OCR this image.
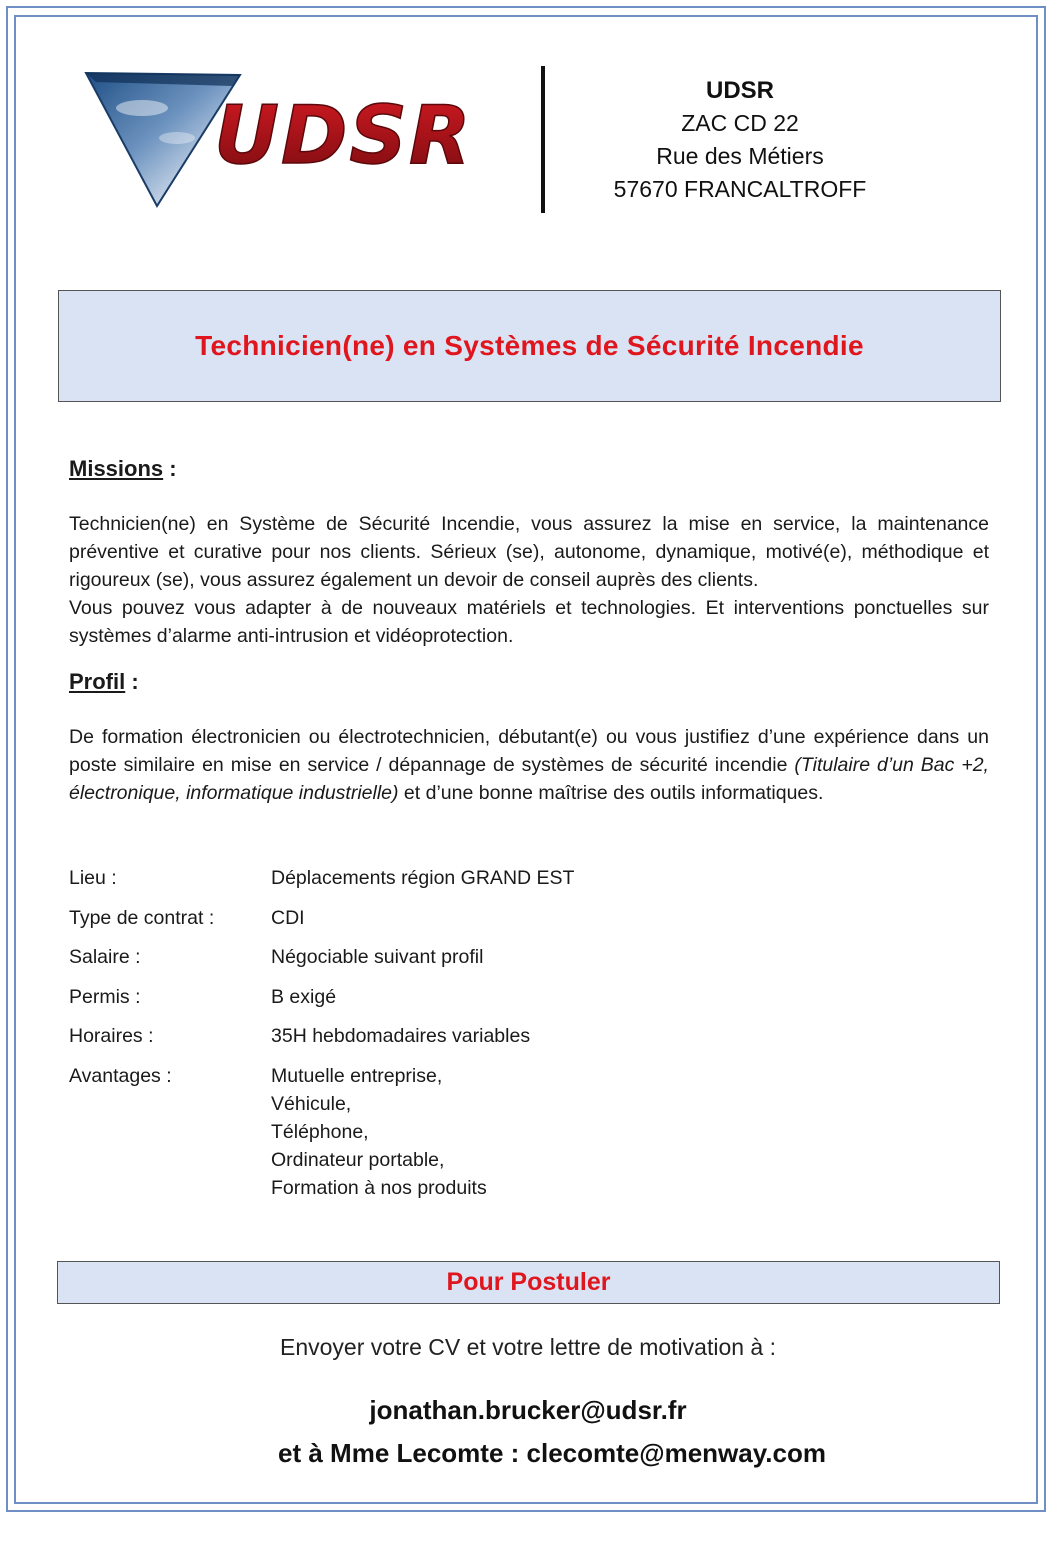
UDSR	UDSR
ZAC CD 22
Rue des Métiers
57670 FRANCALTROFF
Technicien(ne) en Systèmes de Sécurité Incendie
Missions :
Technicien(ne) en Système de Sécurité Incendie, vous assurez la mise en service, la maintenance préventive et curative pour nos clients. Sérieux (se), autonome, dynamique, motivé(e), méthodique et rigoureux (se), vous assurez également un devoir de conseil auprès des clients.
Vous pouvez vous adapter à de nouveaux matériels et technologies. Et interventions ponctuelles sur systèmes d’alarme anti-intrusion et vidéoprotection.
Profil :
De formation électronicien ou électrotechnicien, débutant(e) ou vous justifiez d’une expérience dans un poste similaire en mise en service / dépannage de systèmes de sécurité incendie (Titulaire d’un Bac +2, électronique, informatique industrielle) et d’une bonne maîtrise des outils informatiques.
Lieu :	Déplacements région GRAND EST
Type de contrat :	CDI
Salaire :	Négociable suivant profil
Permis :	B exigé
Horaires :	35H hebdomadaires variables
Avantages :	Mutuelle entreprise,
Véhicule,
Téléphone,
Ordinateur portable,
Formation à nos produits
Pour Postuler
Envoyer votre CV et votre lettre de motivation à :
jonathan.brucker@udsr.fr
et à Mme Lecomte : clecomte@menway.com
